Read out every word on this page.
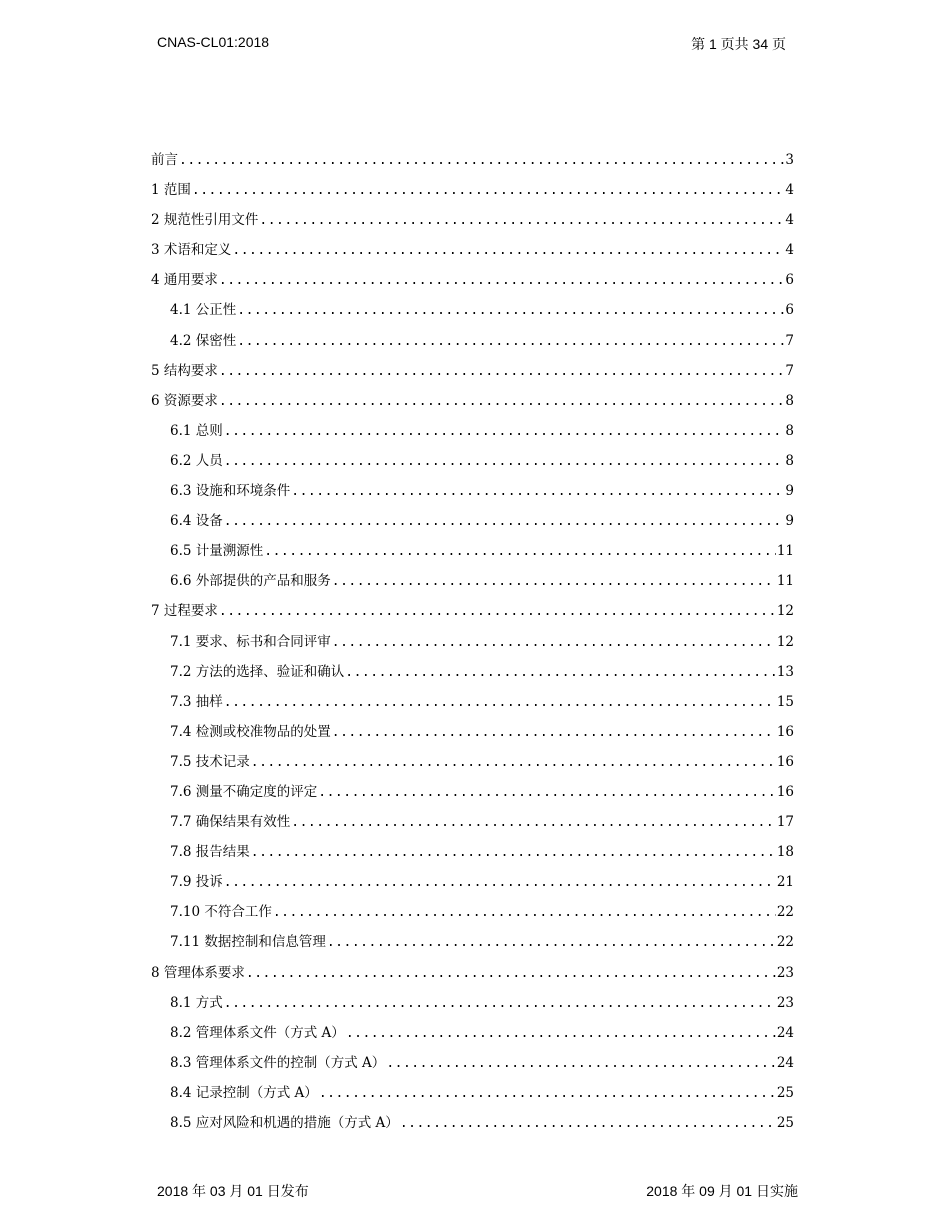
CNAS-CL01:2018	第 1 页共 34 页
前言 .....	3
1 范围 .....	4
2 规范性引用文件 .....	4
3 术语和定义 .....	4
4 通用要求 .....	6
4.1 公正性 .....	6
4.2 保密性 .....	7
5 结构要求 .....	7
6 资源要求 .....	8
6.1 总则 .....	8
6.2 人员 .....	8
6.3 设施和环境条件 .....	9
6.4 设备 .....	9
6.5 计量溯源性 .....	11
6.6 外部提供的产品和服务 .....	11
7 过程要求 .....	12
7.1 要求、标书和合同评审 .....	12
7.2 方法的选择、验证和确认 .....	13
7.3 抽样 .....	15
7.4 检测或校准物品的处置 .....	16
7.5 技术记录 .....	16
7.6 测量不确定度的评定 .....	16
7.7 确保结果有效性 .....	17
7.8 报告结果 .....	18
7.9 投诉 .....	21
7.10 不符合工作 .....	22
7.11 数据控制和信息管理 .....	22
8 管理体系要求 .....	23
8.1 方式 .....	23
8.2 管理体系文件（方式 A） .....	24
8.3 管理体系文件的控制（方式 A） .....	24
8.4 记录控制（方式 A） .....	25
8.5 应对风险和机遇的措施（方式 A） .....	25
2018 年 03 月 01 日发布	2018 年 09 月 01 日实施
